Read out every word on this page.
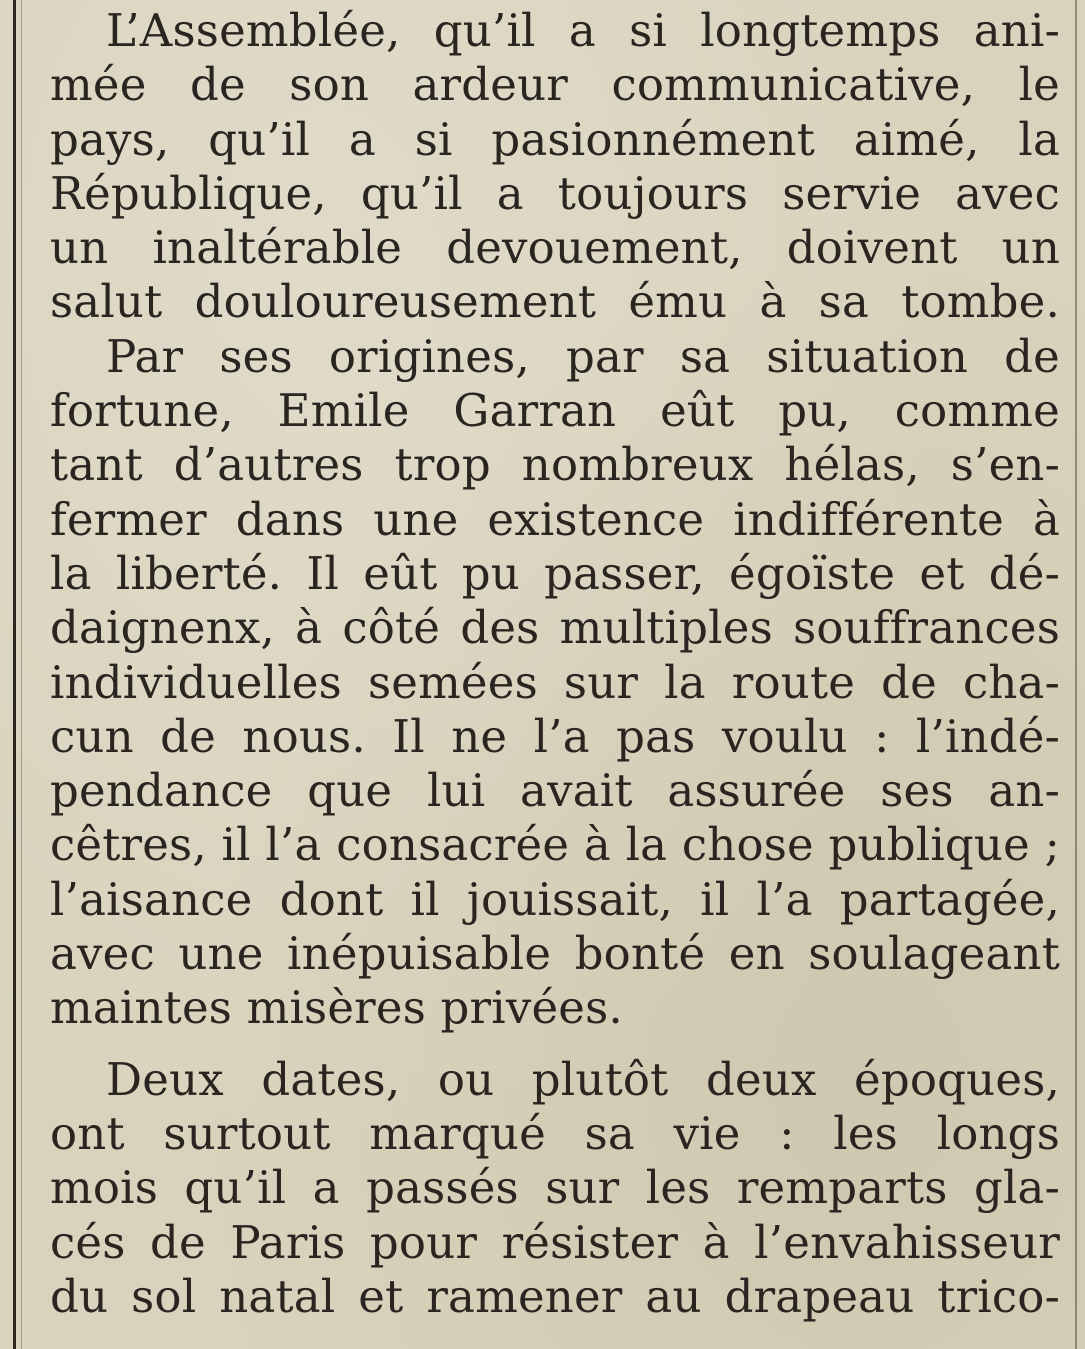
L’Assemblée, qu’il a si longtemps ani-
mée de son ardeur communicative, le
pays, qu’il a si pasionnément aimé, la
République, qu’il a toujours servie avec
un inaltérable devouement, doivent un
salut douloureusement ému à sa tombe.
Par ses origines, par sa situation de
fortune, Emile Garran eût pu, comme
tant d’autres trop nombreux hélas, s’en-
fermer dans une existence indifférente à
la liberté. Il eût pu passer, égoïste et dé-
daignenx, à côté des multiples souffrances
individuelles semées sur la route de cha-
cun de nous. Il ne l’a pas voulu : l’indé-
pendance que lui avait assurée ses an-
cêtres, il l’a consacrée à la chose publique ;
l’aisance dont il jouissait, il l’a partagée,
avec une inépuisable bonté en soulageant
maintes misères privées.
Deux dates, ou plutôt deux époques,
ont surtout marqué sa vie : les longs
mois qu’il a passés sur les remparts gla-
cés de Paris pour résister à l’envahisseur
du sol natal et ramener au drapeau trico-
